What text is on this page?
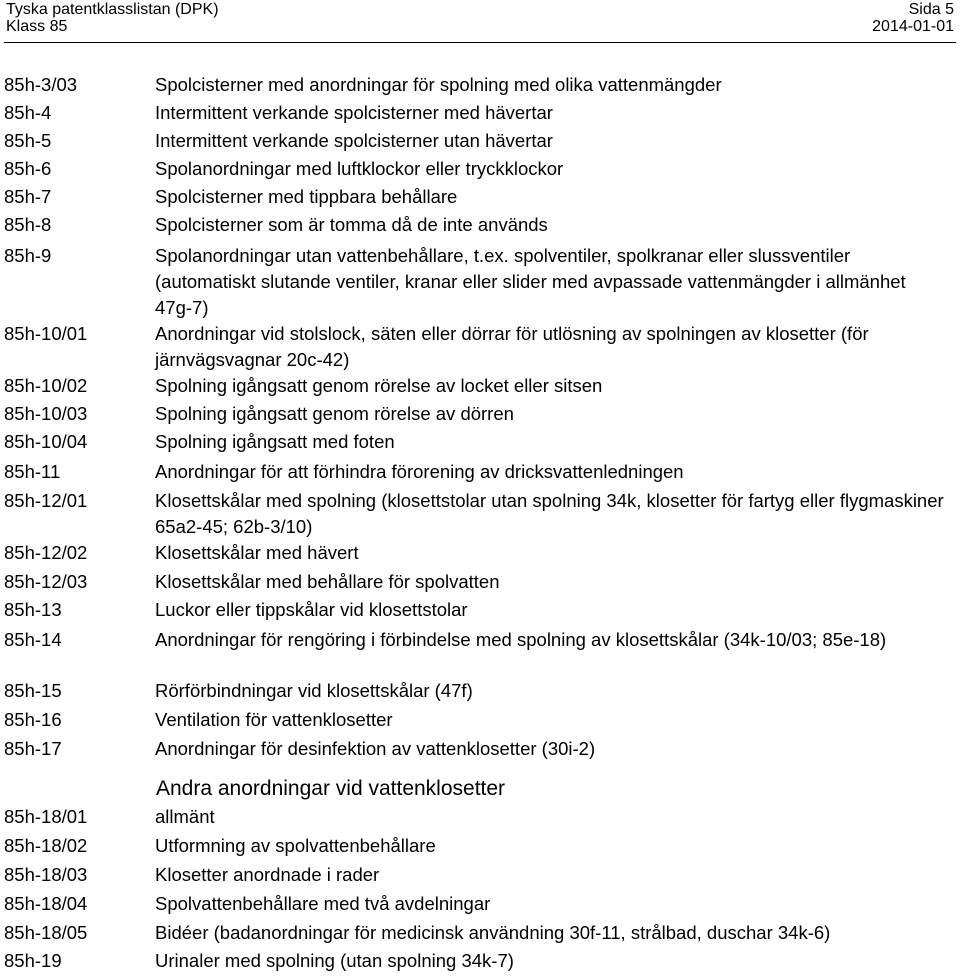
Tyska patentklasslistan (DPK)	Sida 5
Klass 85	2014-01-01
85h-3/03	Spolcisterner med anordningar för spolning med olika vattenmängder
85h-4	Intermittent verkande spolcisterner med hävertar
85h-5	Intermittent verkande spolcisterner utan hävertar
85h-6	Spolanordningar med luftklockor eller tryckklockor
85h-7	Spolcisterner med tippbara behållare
85h-8	Spolcisterner som är tomma då de inte används
85h-9	Spolanordningar utan vattenbehållare, t.ex. spolventiler, spolkranar eller slussventiler (automatiskt slutande ventiler, kranar eller slider med avpassade vattenmängder i allmänhet 47g-7)
85h-10/01	Anordningar vid stolslock, säten eller dörrar för utlösning av spolningen av klosetter (för järnvägsvagnar 20c-42)
85h-10/02	Spolning igångsatt genom rörelse av locket eller sitsen
85h-10/03	Spolning igångsatt genom rörelse av dörren
85h-10/04	Spolning igångsatt med foten
85h-11	Anordningar för att förhindra förorening av dricksvattenledningen
85h-12/01	Klosettskålar med spolning (klosettstolar utan spolning 34k, klosetter för fartyg eller flygmaskiner 65a2-45; 62b-3/10)
85h-12/02	Klosettskålar med hävert
85h-12/03	Klosettskålar med behållare för spolvatten
85h-13	Luckor eller tippskålar vid klosettstolar
85h-14	Anordningar för rengöring i förbindelse med spolning av klosettskålar (34k-10/03; 85e-18)
85h-15	Rörförbindningar vid klosettskålar (47f)
85h-16	Ventilation för vattenklosetter
85h-17	Anordningar för desinfektion av vattenklosetter (30i-2)
Andra anordningar vid vattenklosetter
85h-18/01	allmänt
85h-18/02	Utformning av spolvattenbehållare
85h-18/03	Klosetter anordnade i rader
85h-18/04	Spolvattenbehållare med två avdelningar
85h-18/05	Bidéer (badanordningar för medicinsk användning 30f-11, strålbad, duschar 34k-6)
85h-19	Urinaler med spolning (utan spolning 34k-7)
